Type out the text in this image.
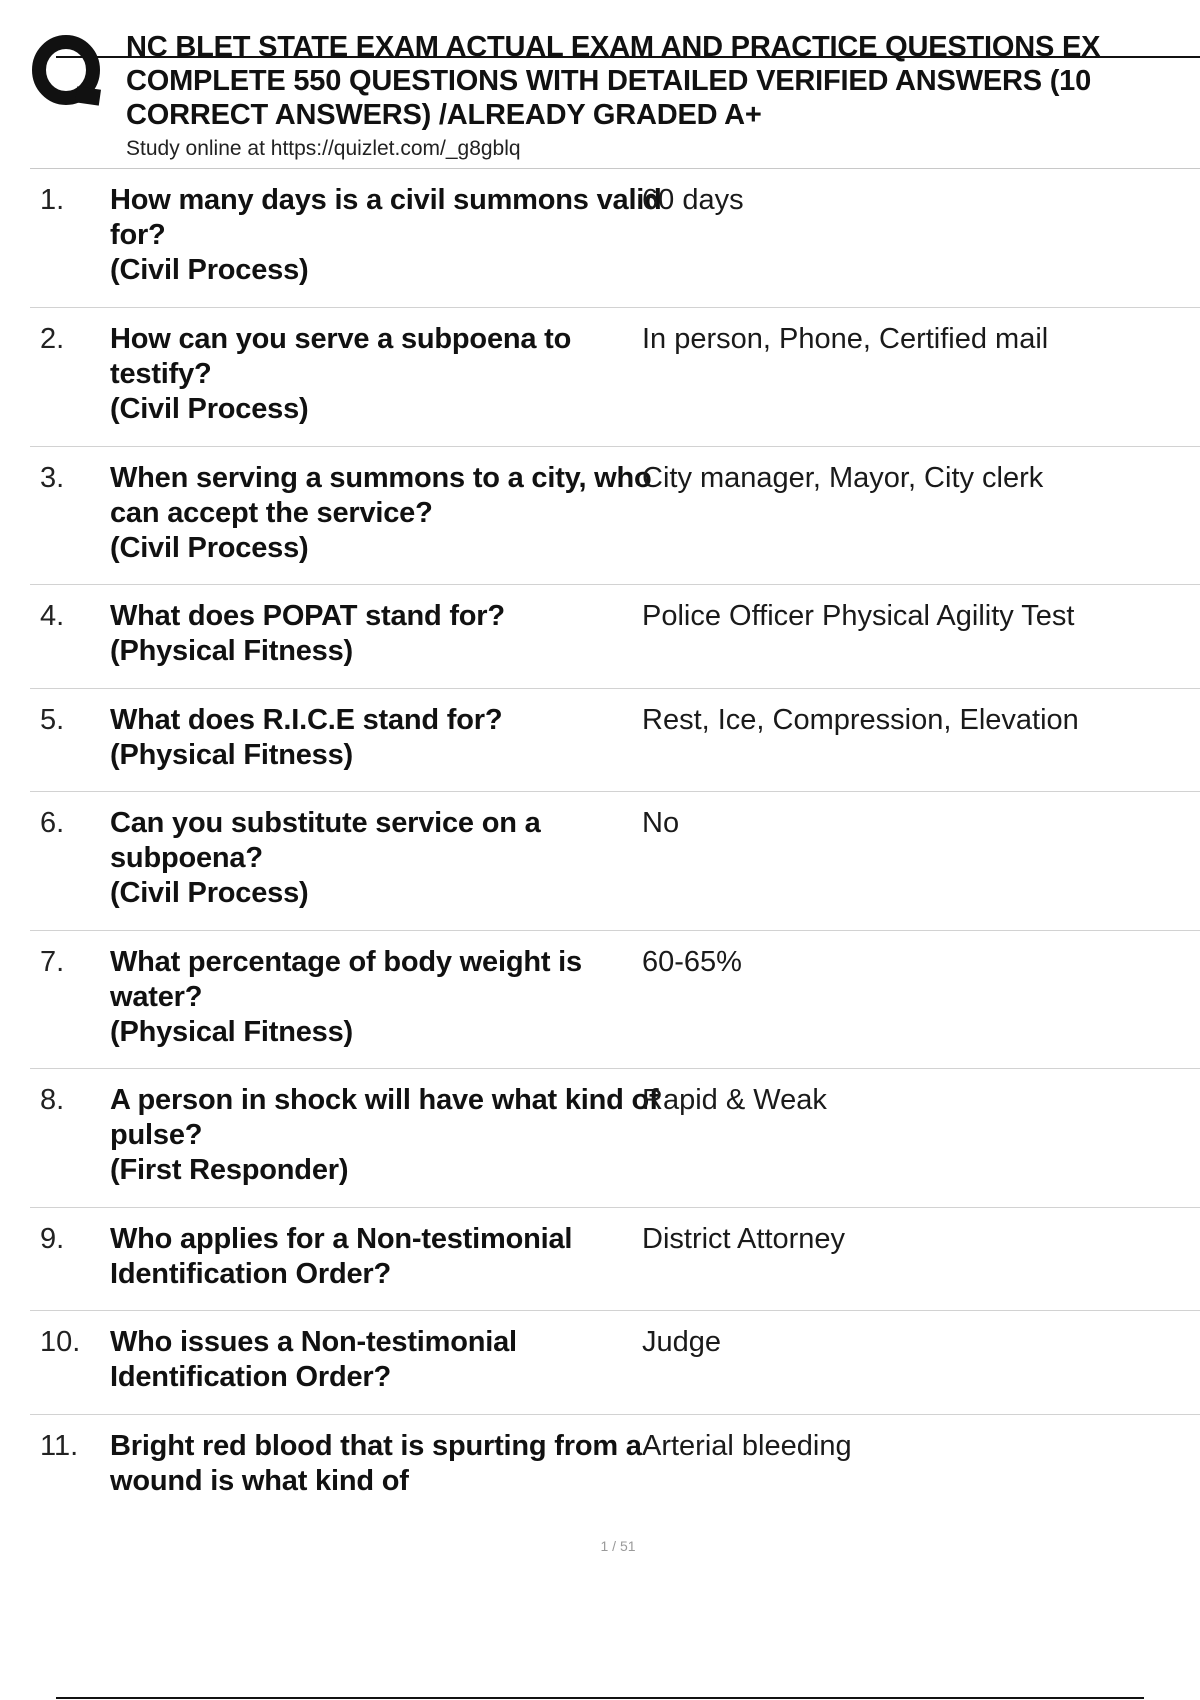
NC BLET STATE EXAM ACTUAL EXAM AND PRACTICE QUESTIONS EX
COMPLETE 550 QUESTIONS WITH DETAILED VERIFIED ANSWERS (10
CORRECT ANSWERS) /ALREADY GRADED A+
Study online at https://quizlet.com/_g8gblq
1. How many days is a civil summons valid for?
(Civil Process)
60 days
2. How can you serve a subpoena to testify?
(Civil Process)
In person, Phone, Certified mail
3. When serving a summons to a city, who can accept the service?
(Civil Process)
City manager, Mayor, City clerk
4. What does POPAT stand for?
(Physical Fitness)
Police Officer Physical Agility Test
5. What does R.I.C.E stand for?
(Physical Fitness)
Rest, Ice, Compression, Elevation
6. Can you substitute service on a subpoena?
(Civil Process)
No
7. What percentage of body weight is water?
(Physical Fitness)
60-65%
8. A person in shock will have what kind of pulse?
(First Responder)
Rapid & Weak
9. Who applies for a Non-testimonial Identification Order?
District Attorney
10. Who issues a Non-testimonial Identification Order?
Judge
11. Bright red blood that is spurting from a wound is what kind of
Arterial bleeding
1 / 51
